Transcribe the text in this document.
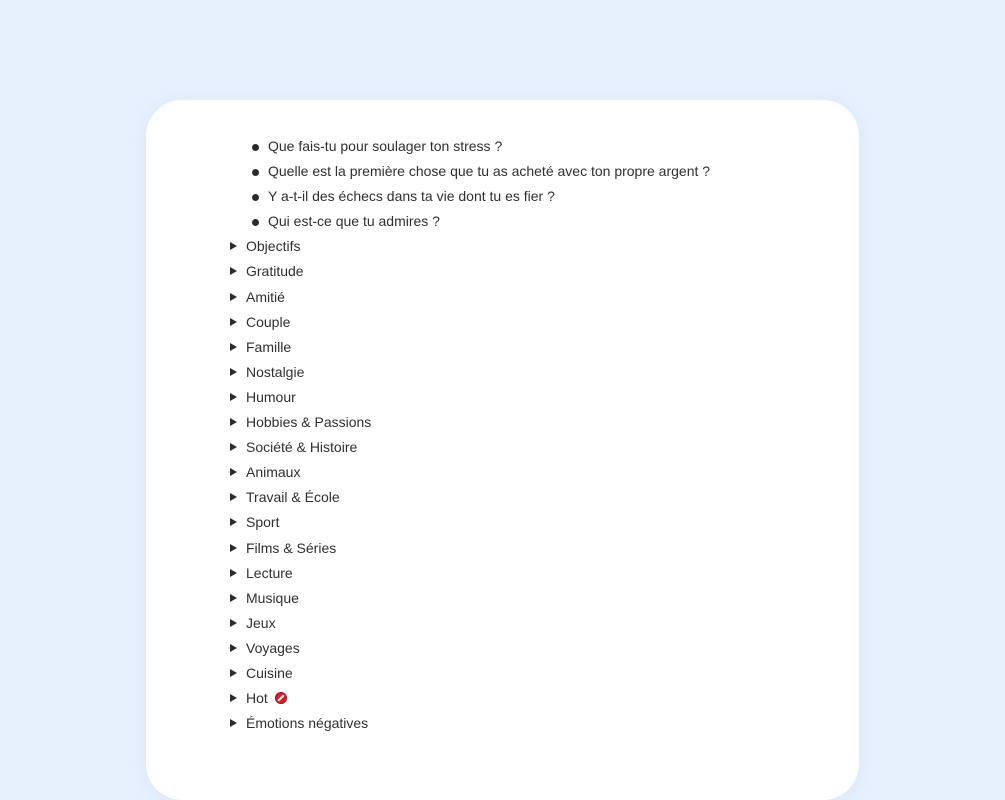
Que fais-tu pour soulager ton stress ?
Quelle est la première chose que tu as acheté avec ton propre argent ?
Y a-t-il des échecs dans ta vie dont tu es fier ?
Qui est-ce que tu admires ?
Objectifs
Gratitude
Amitié
Couple
Famille
Nostalgie
Humour
Hobbies & Passions
Société & Histoire
Animaux
Travail & École
Sport
Films & Séries
Lecture
Musique
Jeux
Voyages
Cuisine
Hot
Émotions négatives
